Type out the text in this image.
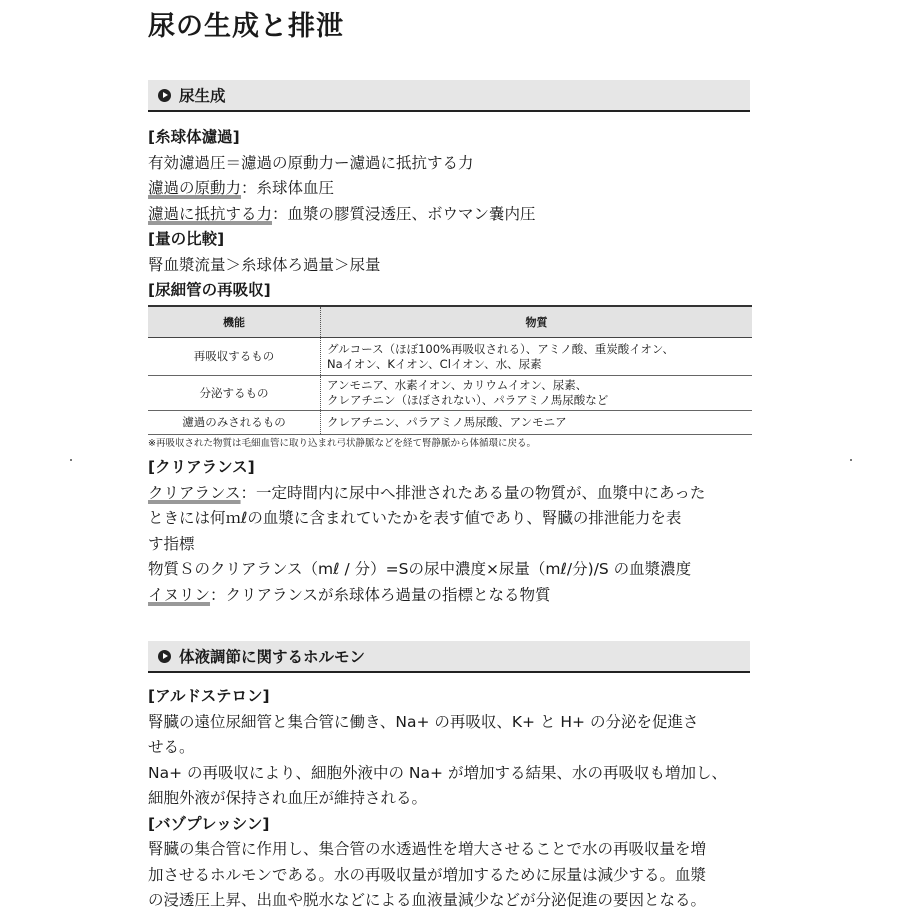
尿の生成と排泄
尿生成
[糸球体濾過]
有効濾過圧＝濾過の原動力ー濾過に抵抗する力
濾過の原動力：糸球体血圧
濾過に抵抗する力：血漿の膠質浸透圧、ボウマン嚢内圧
[量の比較]
腎血漿流量＞糸球体ろ過量＞尿量
[尿細管の再吸収]
機能	物質
再吸収するもの	グルコース（ほぼ100%再吸収される）、アミノ酸、重炭酸イオン、
Naイオン、Kイオン、Clイオン、水、尿素

分泌するもの	アンモニア、水素イオン、カリウムイオン、尿素、
クレアチニン（ほぼされない）、パラアミノ馬尿酸など

濾過のみされるもの	クレアチニン、パラアミノ馬尿酸、アンモニア
※再吸収された物質は毛細血管に取り込まれ弓状静脈などを経て腎静脈から体循環に戻る。
[クリアランス]
クリアランス：一定時間内に尿中へ排泄されたある量の物質が、血漿中にあった
ときには何ｍℓの血漿に含まれていたかを表す値であり、腎臓の排泄能力を表
す指標
物質Ｓのクリアランス（mℓ / 分）=Sの尿中濃度×尿量（mℓ/分)/S の血漿濃度
イヌリン：クリアランスが糸球体ろ過量の指標となる物質
体液調節に関するホルモン
[アルドステロン]
腎臓の遠位尿細管と集合管に働き、Na+ の再吸収、K+ と H+ の分泌を促進さ
せる。
Na+ の再吸収により、細胞外液中の Na+ が増加する結果、水の再吸収も増加し、
細胞外液が保持され血圧が維持される。
[バゾプレッシン]
腎臓の集合管に作用し、集合管の水透過性を増大させることで水の再吸収量を増
加させるホルモンである。水の再吸収量が増加するために尿量は減少する。血漿
の浸透圧上昇、出血や脱水などによる血液量減少などが分泌促進の要因となる。
